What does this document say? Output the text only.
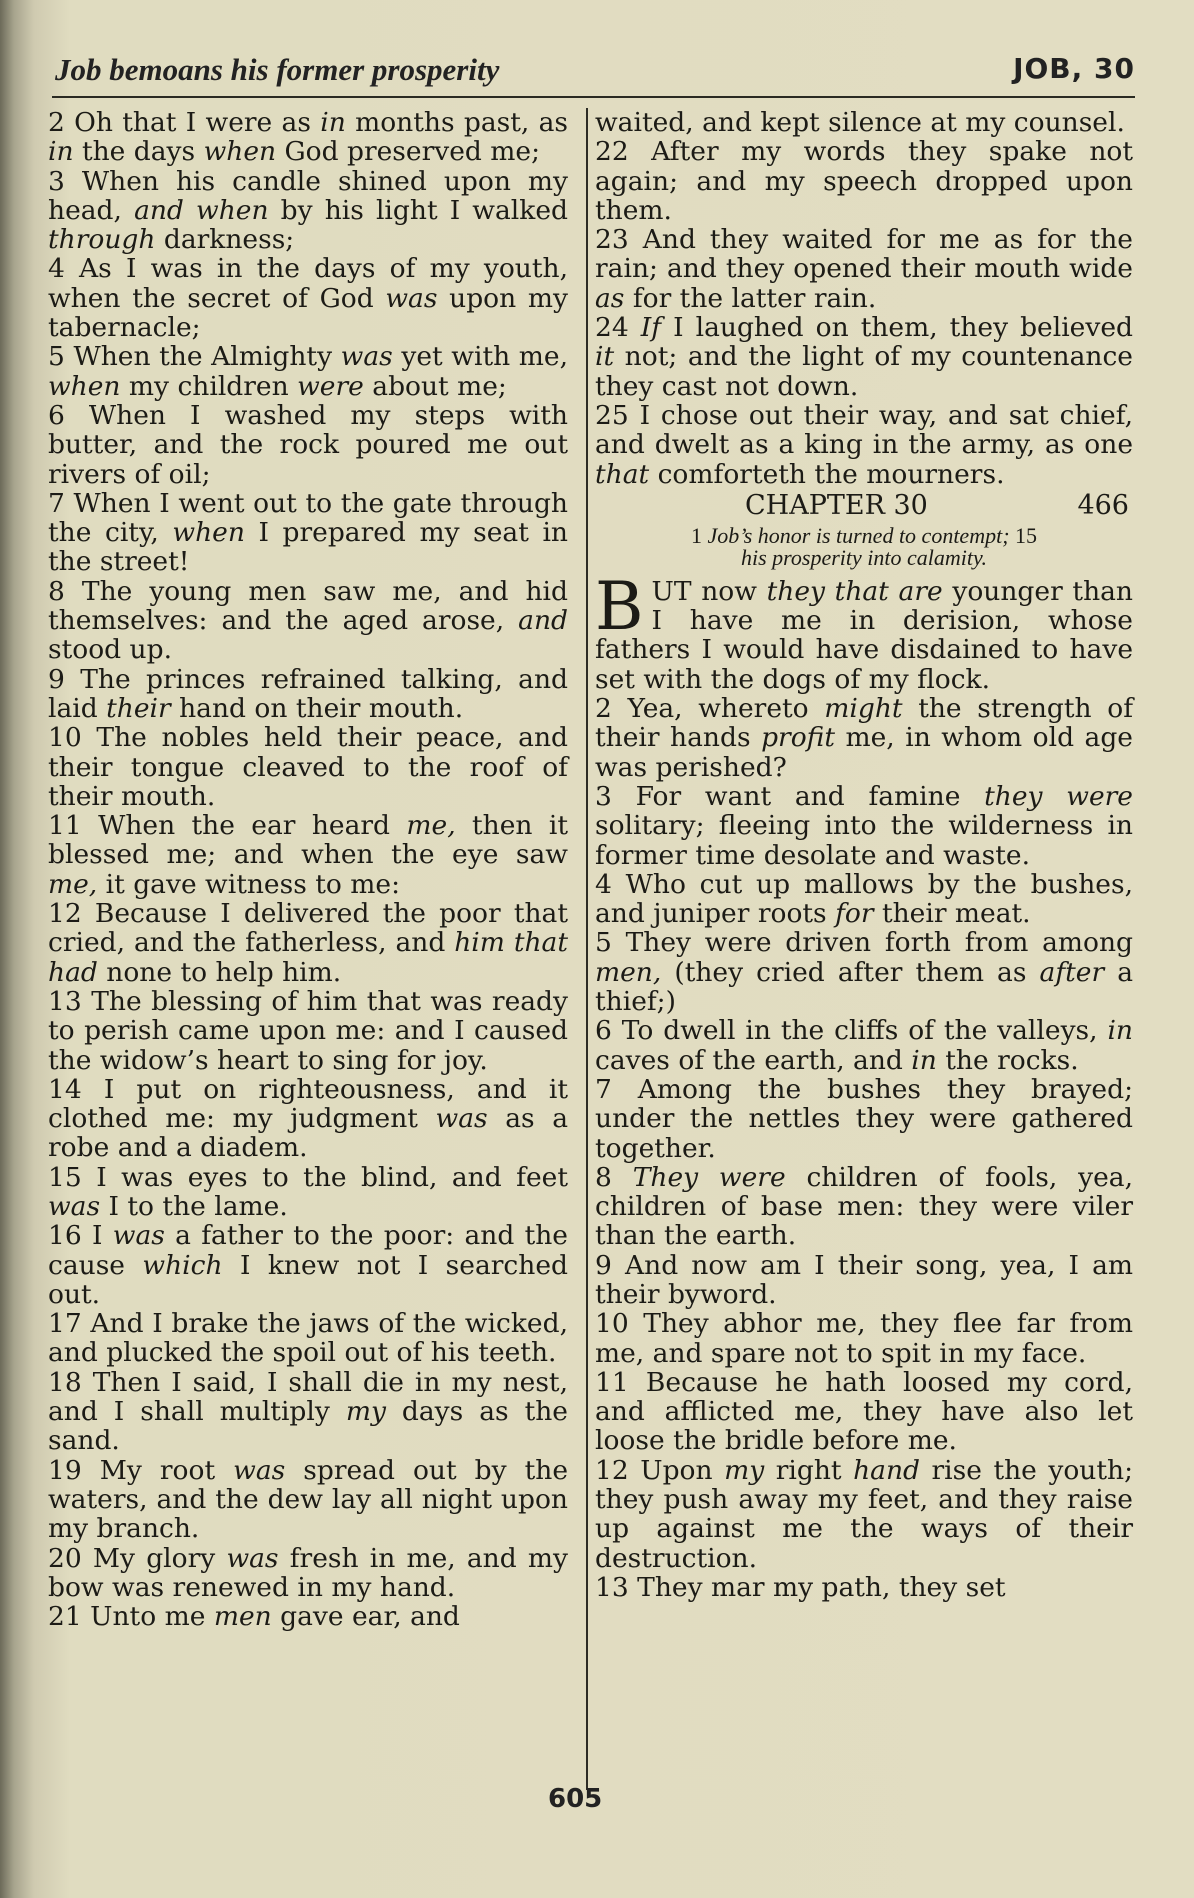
Job bemoans his former prosperity	JOB, 30

2 Oh that I were as in months past, as in the days when God preserved me;

3 When his candle shined upon my head, and when by his light I walked through darkness;

4 As I was in the days of my youth, when the secret of God was upon my tabernacle;

5 When the Almighty was yet with me, when my children were about me;

6 When I washed my steps with butter, and the rock poured me out rivers of oil;

7 When I went out to the gate through the city, when I prepared my seat in the street!

8 The young men saw me, and hid themselves: and the aged arose, and stood up.

9 The princes refrained talking, and laid their hand on their mouth.

10 The nobles held their peace, and their tongue cleaved to the roof of their mouth.

11 When the ear heard me, then it blessed me; and when the eye saw me, it gave witness to me:

12 Because I delivered the poor that cried, and the fatherless, and him that had none to help him.

13 The blessing of him that was ready to perish came upon me: and I caused the widow’s heart to sing for joy.

14 I put on righteousness, and it clothed me: my judgment was as a robe and a diadem.

15 I was eyes to the blind, and feet was I to the lame.

16 I was a father to the poor: and the cause which I knew not I searched out.

17 And I brake the jaws of the wicked, and plucked the spoil out of his teeth.

18 Then I said, I shall die in my nest, and I shall multiply my days as the sand.

19 My root was spread out by the waters, and the dew lay all night upon my branch.

20 My glory was fresh in me, and my bow was renewed in my hand.

21 Unto me men gave ear, and

waited, and kept silence at my counsel.

22 After my words they spake not again; and my speech dropped upon them.

23 And they waited for me as for the rain; and they opened their mouth wide as for the latter rain.

24 If I laughed on them, they believed it not; and the light of my countenance they cast not down.

25 I chose out their way, and sat chief, and dwelt as a king in the army, as one that comforteth the mourners.

CHAPTER 30	466
1 Job’s honor is turned to contempt; 15
his prosperity into calamity.

B UT now they that are younger than I have me in derision, whose fathers I would have disdained to have set with the dogs of my flock.

2 Yea, whereto might the strength of their hands profit me, in whom old age was perished?

3 For want and famine they were solitary; fleeing into the wilderness in former time desolate and waste.

4 Who cut up mallows by the bushes, and juniper roots for their meat.

5 They were driven forth from among men, (they cried after them as after a thief;)

6 To dwell in the cliffs of the valleys, in caves of the earth, and in the rocks.

7 Among the bushes they brayed; under the nettles they were gathered together.

8 They were children of fools, yea, children of base men: they were viler than the earth.

9 And now am I their song, yea, I am their byword.

10 They abhor me, they flee far from me, and spare not to spit in my face.

11 Because he hath loosed my cord, and afflicted me, they have also let loose the bridle before me.

12 Upon my right hand rise the youth; they push away my feet, and they raise up against me the ways of their destruction.

13 They mar my path, they set

605
